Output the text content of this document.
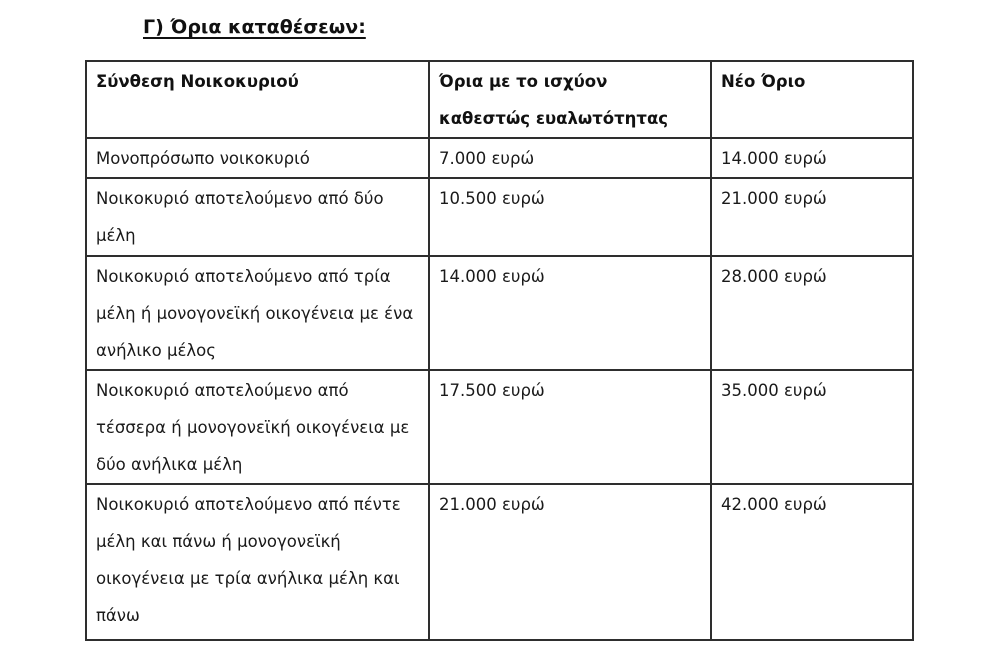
Γ) Όρια καταθέσεων:
Σύνθεση Νοικοκυριού	Όρια με το ισχύον καθεστώς ευαλωτότητας	Νέο Όριο
Μονοπρόσωπο νοικοκυριό	7.000 ευρώ	14.000 ευρώ
Νοικοκυριό αποτελούμενο από δύο μέλη	10.500 ευρώ	21.000 ευρώ
Νοικοκυριό αποτελούμενο από τρία μέλη ή μονογονεϊκή οικογένεια με ένα ανήλικο μέλος	14.000 ευρώ	28.000 ευρώ
Νοικοκυριό αποτελούμενο από τέσσερα ή μονογονεϊκή οικογένεια με δύο ανήλικα μέλη	17.500 ευρώ	35.000 ευρώ
Νοικοκυριό αποτελούμενο από πέντε μέλη και πάνω ή μονογονεϊκή οικογένεια με τρία ανήλικα μέλη και πάνω	21.000 ευρώ	42.000 ευρώ
